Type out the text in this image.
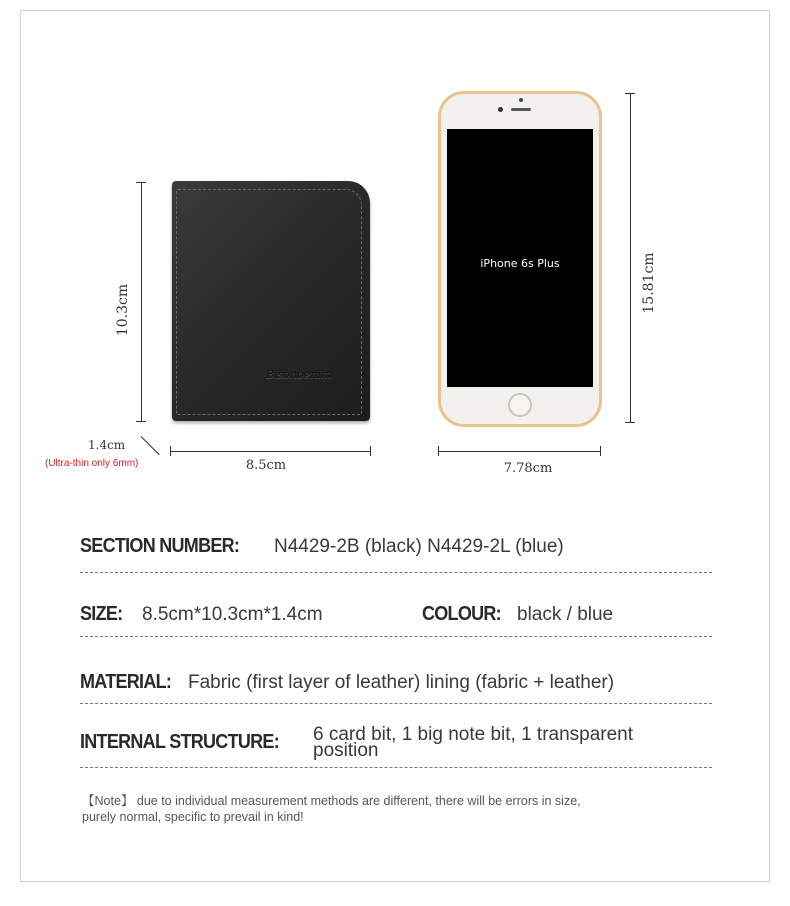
10.3cm
Bisonbenim
1.4cm
(Ultra-thin only 6mm)	8.5cm
iPhone 6s Plus	15.81cm
7.78cm
SECTION NUMBER: N4429-2B (black) N4429-2L (blue)
SIZE: 8.5cm*10.3cm*1.4cm	COLOUR: black / blue
MATERIAL: Fabric (first layer of leather) lining (fabric + leather)
INTERNAL STRUCTURE: 6 card bit, 1 big note bit, 1 transparent
position
【Note】 due to individual measurement methods are different, there will be errors in size,
purely normal, specific to prevail in kind!
